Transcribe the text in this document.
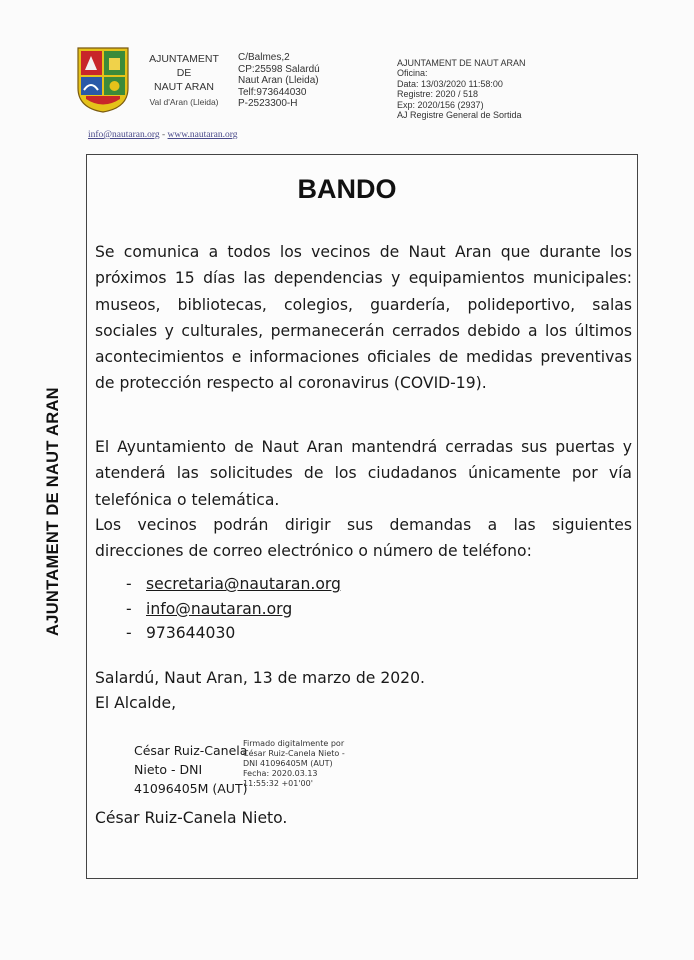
AJUNTAMENT
DE
NAUT ARAN
Val d'Aran (Lleida)
C/Balmes,2
CP:25598 Salardú
Naut Aran (Lleida)
Telf:973644030
P-2523300-H
AJUNTAMENT DE NAUT ARAN
Oficina:
Data: 13/03/2020 11:58:00
Registre: 2020 / 518
Exp: 2020/156 (2937)
AJ Registre General de Sortida
info@nautaran.org - www.nautaran.org
AJUNTAMENT DE NAUT ARAN
BANDO
Se comunica a todos los vecinos de Naut Aran que durante los
próximos 15 días las dependencias y equipamientos municipales:
museos, bibliotecas, colegios, guardería, polideportivo, salas
sociales y culturales, permanecerán cerrados debido a los últimos
acontecimientos e informaciones oficiales de medidas preventivas
de protección respecto al coronavirus (COVID-19).
El Ayuntamiento de Naut Aran mantendrá cerradas sus puertas y
atenderá las solicitudes de los ciudadanos únicamente por vía
telefónica o telemática.
Los vecinos podrán dirigir sus demandas a las siguientes
direcciones de correo electrónico o número de teléfono:
- secretaria@nautaran.org
- info@nautaran.org
- 973644030
Salardú, Naut Aran, 13 de marzo de 2020.
El Alcalde,
César Ruiz-Canela
Nieto - DNI
41096405M (AUT)
Firmado digitalmente por
César Ruiz-Canela Nieto -
DNI 41096405M (AUT)
Fecha: 2020.03.13
11:55:32 +01'00'
César Ruiz-Canela Nieto.
